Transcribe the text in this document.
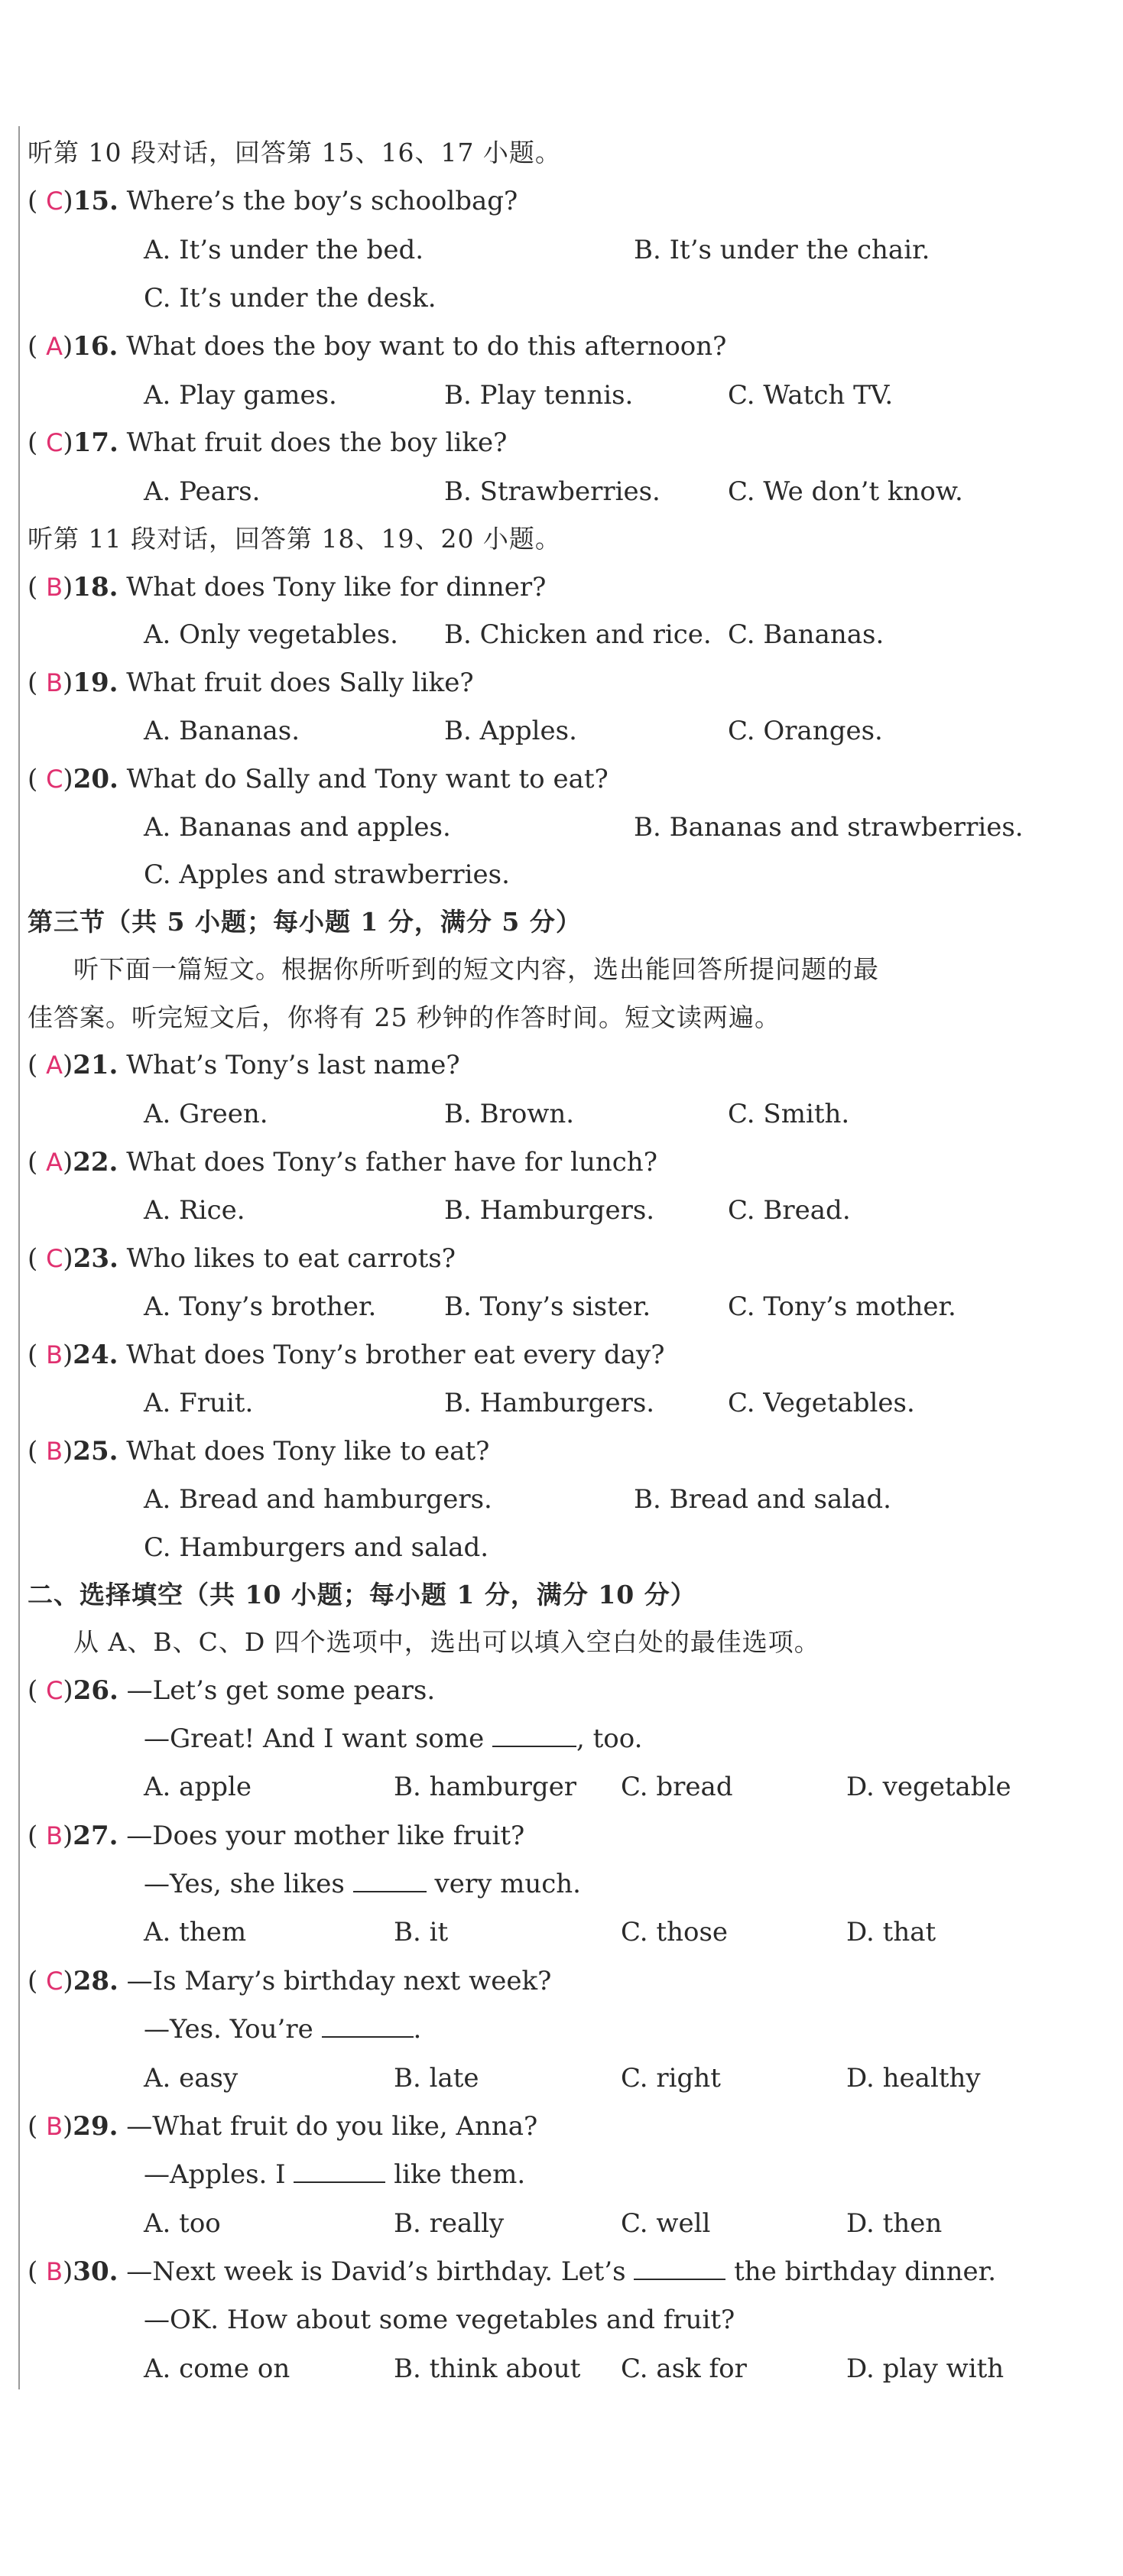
听第 10 段对话，回答第 15、16、17 小题。
( C)15. Where’s the boy’s schoolbag?
A. It’s under the bed.	B. It’s under the chair.
C. It’s under the desk.
( A)16. What does the boy want to do this afternoon?
A. Play games.	B. Play tennis.	C. Watch TV.
( C)17. What fruit does the boy like?
A. Pears.	B. Strawberries.	C. We don’t know.
听第 11 段对话，回答第 18、19、20 小题。
( B)18. What does Tony like for dinner?
A. Only vegetables. B. Chicken and rice. C. Bananas.
( B)19. What fruit does Sally like?
A. Bananas.	B. Apples.	C. Oranges.
( C)20. What do Sally and Tony want to eat?
A. Bananas and apples.	B. Bananas and strawberries.
C. Apples and strawberries.
第三节（共 5 小题；每小题 1 分，满分 5 分）
听下面一篇短文。根据你所听到的短文内容，选出能回答所提问题的最
佳答案。听完短文后，你将有 25 秒钟的作答时间。短文读两遍。
( A)21. What’s Tony’s last name?
A. Green.	B. Brown.	C. Smith.
( A)22. What does Tony’s father have for lunch?
A. Rice.	B. Hamburgers.	C. Bread.
( C)23. Who likes to eat carrots?
A. Tony’s brother.	B. Tony’s sister.	C. Tony’s mother.
( B)24. What does Tony’s brother eat every day?
A. Fruit.	B. Hamburgers.	C. Vegetables.
( B)25. What does Tony like to eat?
A. Bread and hamburgers.	B. Bread and salad.
C. Hamburgers and salad.
二、选择填空（共 10 小题；每小题 1 分，满分 10 分）
从 A、B、C、D 四个选项中，选出可以填入空白处的最佳选项。
( C)26. —Let’s get some pears.
—Great! And I want some	, too.
A. apple	B. hamburger C. bread	D. vegetable
( B)27. —Does your mother like fruit?
—Yes, she likes	very much.
A. them	B. it	C. those	D. that
( C)28. —Is Mary’s birthday next week?
—Yes. You’re	.
A. easy	B. late	C. right	D. healthy
( B)29. —What fruit do you like, Anna?
—Apples. I	like them.
A. too	B. really	C. well	D. then
( B)30. —Next week is David’s birthday. Let’s	the birthday dinner.
—OK. How about some vegetables and fruit?
A. come on	B. think about C. ask for	D. play with
